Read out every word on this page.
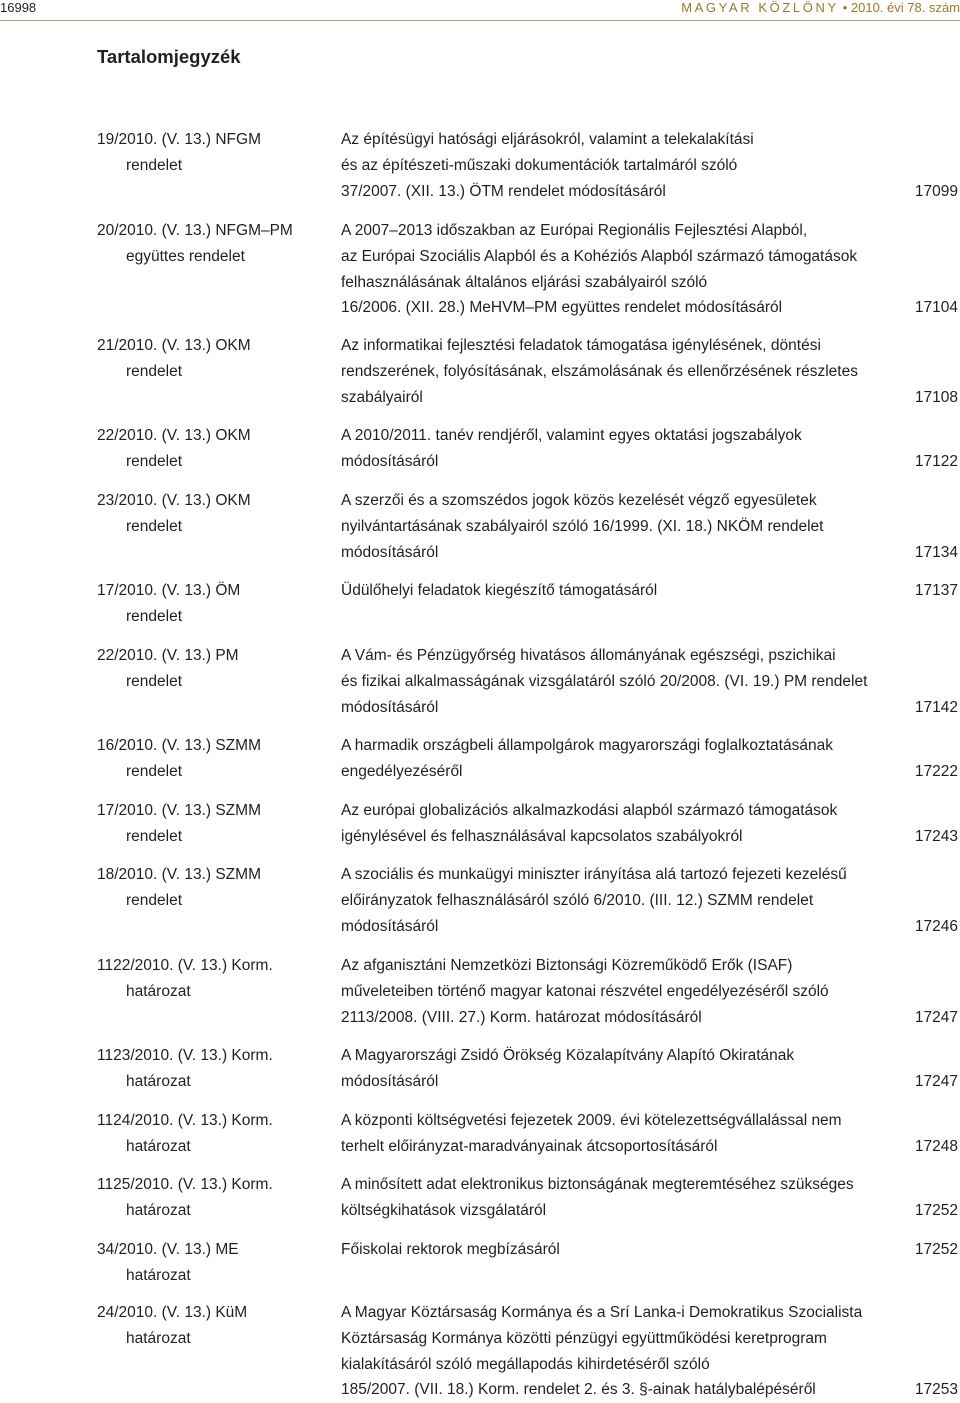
16998	MAGYAR KÖZLÖNY • 2010. évi 78. szám
Tartalomjegyzék
19/2010. (V. 13.) NFGM
rendelet
Az építésügyi hatósági eljárásokról, valamint a telekalakítási
és az építészeti-műszaki dokumentációk tartalmáról szóló
37/2007. (XII. 13.) ÖTM rendelet módosításáról	17099
20/2010. (V. 13.) NFGM–PM
együttes rendelet
A 2007–2013 időszakban az Európai Regionális Fejlesztési Alapból,
az Európai Szociális Alapból és a Kohéziós Alapból származó támogatások
felhasználásának általános eljárási szabályairól szóló
16/2006. (XII. 28.) MeHVM–PM együttes rendelet módosításáról	17104
21/2010. (V. 13.) OKM
rendelet
Az informatikai fejlesztési feladatok támogatása igénylésének, döntési
rendszerének, folyósításának, elszámolásának és ellenőrzésének részletes
szabályairól	17108
22/2010. (V. 13.) OKM
rendelet
A 2010/2011. tanév rendjéről, valamint egyes oktatási jogszabályok
módosításáról	17122
23/2010. (V. 13.) OKM
rendelet
A szerzői és a szomszédos jogok közös kezelését végző egyesületek
nyilvántartásának szabályairól szóló 16/1999. (XI. 18.) NKÖM rendelet
módosításáról	17134
17/2010. (V. 13.) ÖM
rendelet
Üdülőhelyi feladatok kiegészítő támogatásáról	17137
22/2010. (V. 13.) PM
rendelet
A Vám- és Pénzügyőrség hivatásos állományának egészségi, pszichikai
és fizikai alkalmasságának vizsgálatáról szóló 20/2008. (VI. 19.) PM rendelet
módosításáról	17142
16/2010. (V. 13.) SZMM
rendelet
A harmadik országbeli állampolgárok magyarországi foglalkoztatásának
engedélyezéséről	17222
17/2010. (V. 13.) SZMM
rendelet
Az európai globalizációs alkalmazkodási alapból származó támogatások
igénylésével és felhasználásával kapcsolatos szabályokról	17243
18/2010. (V. 13.) SZMM
rendelet
A szociális és munkaügyi miniszter irányítása alá tartozó fejezeti kezelésű
előirányzatok felhasználásáról szóló 6/2010. (III. 12.) SZMM rendelet
módosításáról	17246
1122/2010. (V. 13.) Korm.
határozat
Az afganisztáni Nemzetközi Biztonsági Közreműködő Erők (ISAF)
műveleteiben történő magyar katonai részvétel engedélyezéséről szóló
2113/2008. (VIII. 27.) Korm. határozat módosításáról	17247
1123/2010. (V. 13.) Korm.
határozat
A Magyarországi Zsidó Örökség Közalapítvány Alapító Okiratának
módosításáról	17247
1124/2010. (V. 13.) Korm.
határozat
A központi költségvetési fejezetek 2009. évi kötelezettségvállalással nem
terhelt előirányzat-maradványainak átcsoportosításáról	17248
1125/2010. (V. 13.) Korm.
határozat
A minősített adat elektronikus biztonságának megteremtéséhez szükséges
költségkihatások vizsgálatáról	17252
34/2010. (V. 13.) ME
határozat
Főiskolai rektorok megbízásáról	17252
24/2010. (V. 13.) KüM
határozat
A Magyar Köztársaság Kormánya és a Srí Lanka-i Demokratikus Szocialista
Köztársaság Kormánya közötti pénzügyi együttműködési keretprogram
kialakításáról szóló megállapodás kihirdetéséről szóló
185/2007. (VII. 18.) Korm. rendelet 2. és 3. §-ainak hatálybalépéséről	17253
